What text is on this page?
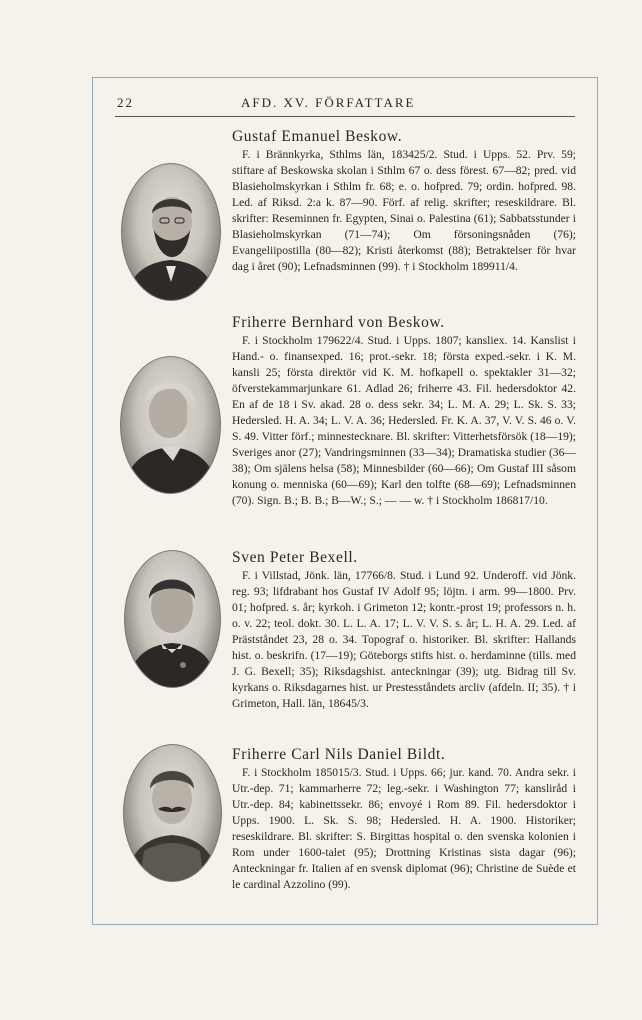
22	AFD. XV. FÖRFATTARE

Gustaf Emanuel Beskow.

F. i Brännkyrka, Sthlms län, 183425/2. Stud. i Upps. 52. Prv. 59; stiftare af Beskowska skolan i Sthlm 67 o. dess förest. 67—82; pred. vid Blasieholmskyrkan i Sthlm fr. 68; e. o. hofpred. 79; ordin. hofpred. 98. Led. af Riksd. 2:a k. 87—90. Förf. af relig. skrifter; reseskildrare. Bl. skrifter: Reseminnen fr. Egypten, Sinai o. Palestina (61); Sabbatsstunder i Blasieholmskyrkan (71—74); Om försoningsnåden (76); Evangeliipostilla (80—82); Kristi återkomst (88); Betraktelser för hvar dag i året (90); Lefnadsminnen (99). † i Stockholm 189911/4.

Friherre Bernhard von Beskow.

F. i Stockholm 179622/4. Stud. i Upps. 1807; kansliex. 14. Kanslist i Hand.- o. finansexped. 16; prot.-sekr. 18; första exped.-sekr. i K. M. kansli 25; första direktör vid K. M. hofkapell o. spektakler 31—32; öfverstekammarjunkare 61. Adlad 26; friherre 43. Fil. hedersdoktor 42. En af de 18 i Sv. akad. 28 o. dess sekr. 34; L. M. A. 29; L. Sk. S. 33; Hedersled. H. A. 34; L. V. A. 36; Hedersled. Fr. K. A. 37, V. V. S. 46 o. V. S. 49. Vitter förf.; minnestecknare. Bl. skrifter: Vitterhetsförsök (18—19); Sveriges anor (27); Vandringsminnen (33—34); Dramatiska studier (36—38); Om själens helsa (58); Minnesbilder (60—66); Om Gustaf III såsom konung o. menniska (60—69); Karl den tolfte (68—69); Lefnadsminnen (70). Sign. B.; B. B.; B—W.; S.; — — w. † i Stockholm 186817/10.

Sven Peter Bexell.

F. i Villstad, Jönk. län, 17766/8. Stud. i Lund 92. Underoff. vid Jönk. reg. 93; lifdrabant hos Gustaf IV Adolf 95; löjtn. i arm. 99—1800. Prv. 01; hofpred. s. år; kyrkoh. i Grimeton 12; kontr.-prost 19; professors n. h. o. v. 22; teol. dokt. 30. L. L. A. 17; L. V. V. S. s. år; L. H. A. 29. Led. af Prästståndet 23, 28 o. 34. Topograf o. historiker. Bl. skrifter: Hallands hist. o. beskrifn. (17—19); Göteborgs stifts hist. o. herdaminne (tills. med J. G. Bexell; 35); Riksdagshist. anteckningar (39); utg. Bidrag till Sv. kyrkans o. Riksdagarnes hist. ur Prestesståndets arcliv (afdeln. II; 35). † i Grimeton, Hall. län, 18645/3.

Friherre Carl Nils Daniel Bildt.

F. i Stockholm 185015/3. Stud. i Upps. 66; jur. kand. 70. Andra sekr. i Utr.-dep. 71; kammarherre 72; leg.-sekr. i Washington 77; kansliråd i Utr.-dep. 84; kabinettssekr. 86; envoyé i Rom 89. Fil. hedersdoktor i Upps. 1900. L. Sk. S. 98; Hedersled. H. A. 1900. Historiker; reseskildrare. Bl. skrifter: S. Birgittas hospital o. den svenska kolonien i Rom under 1600-talet (95); Drottning Kristinas sista dagar (96); Anteckningar fr. Italien af en svensk diplomat (96); Christine de Suède et le cardinal Azzolino (99).
